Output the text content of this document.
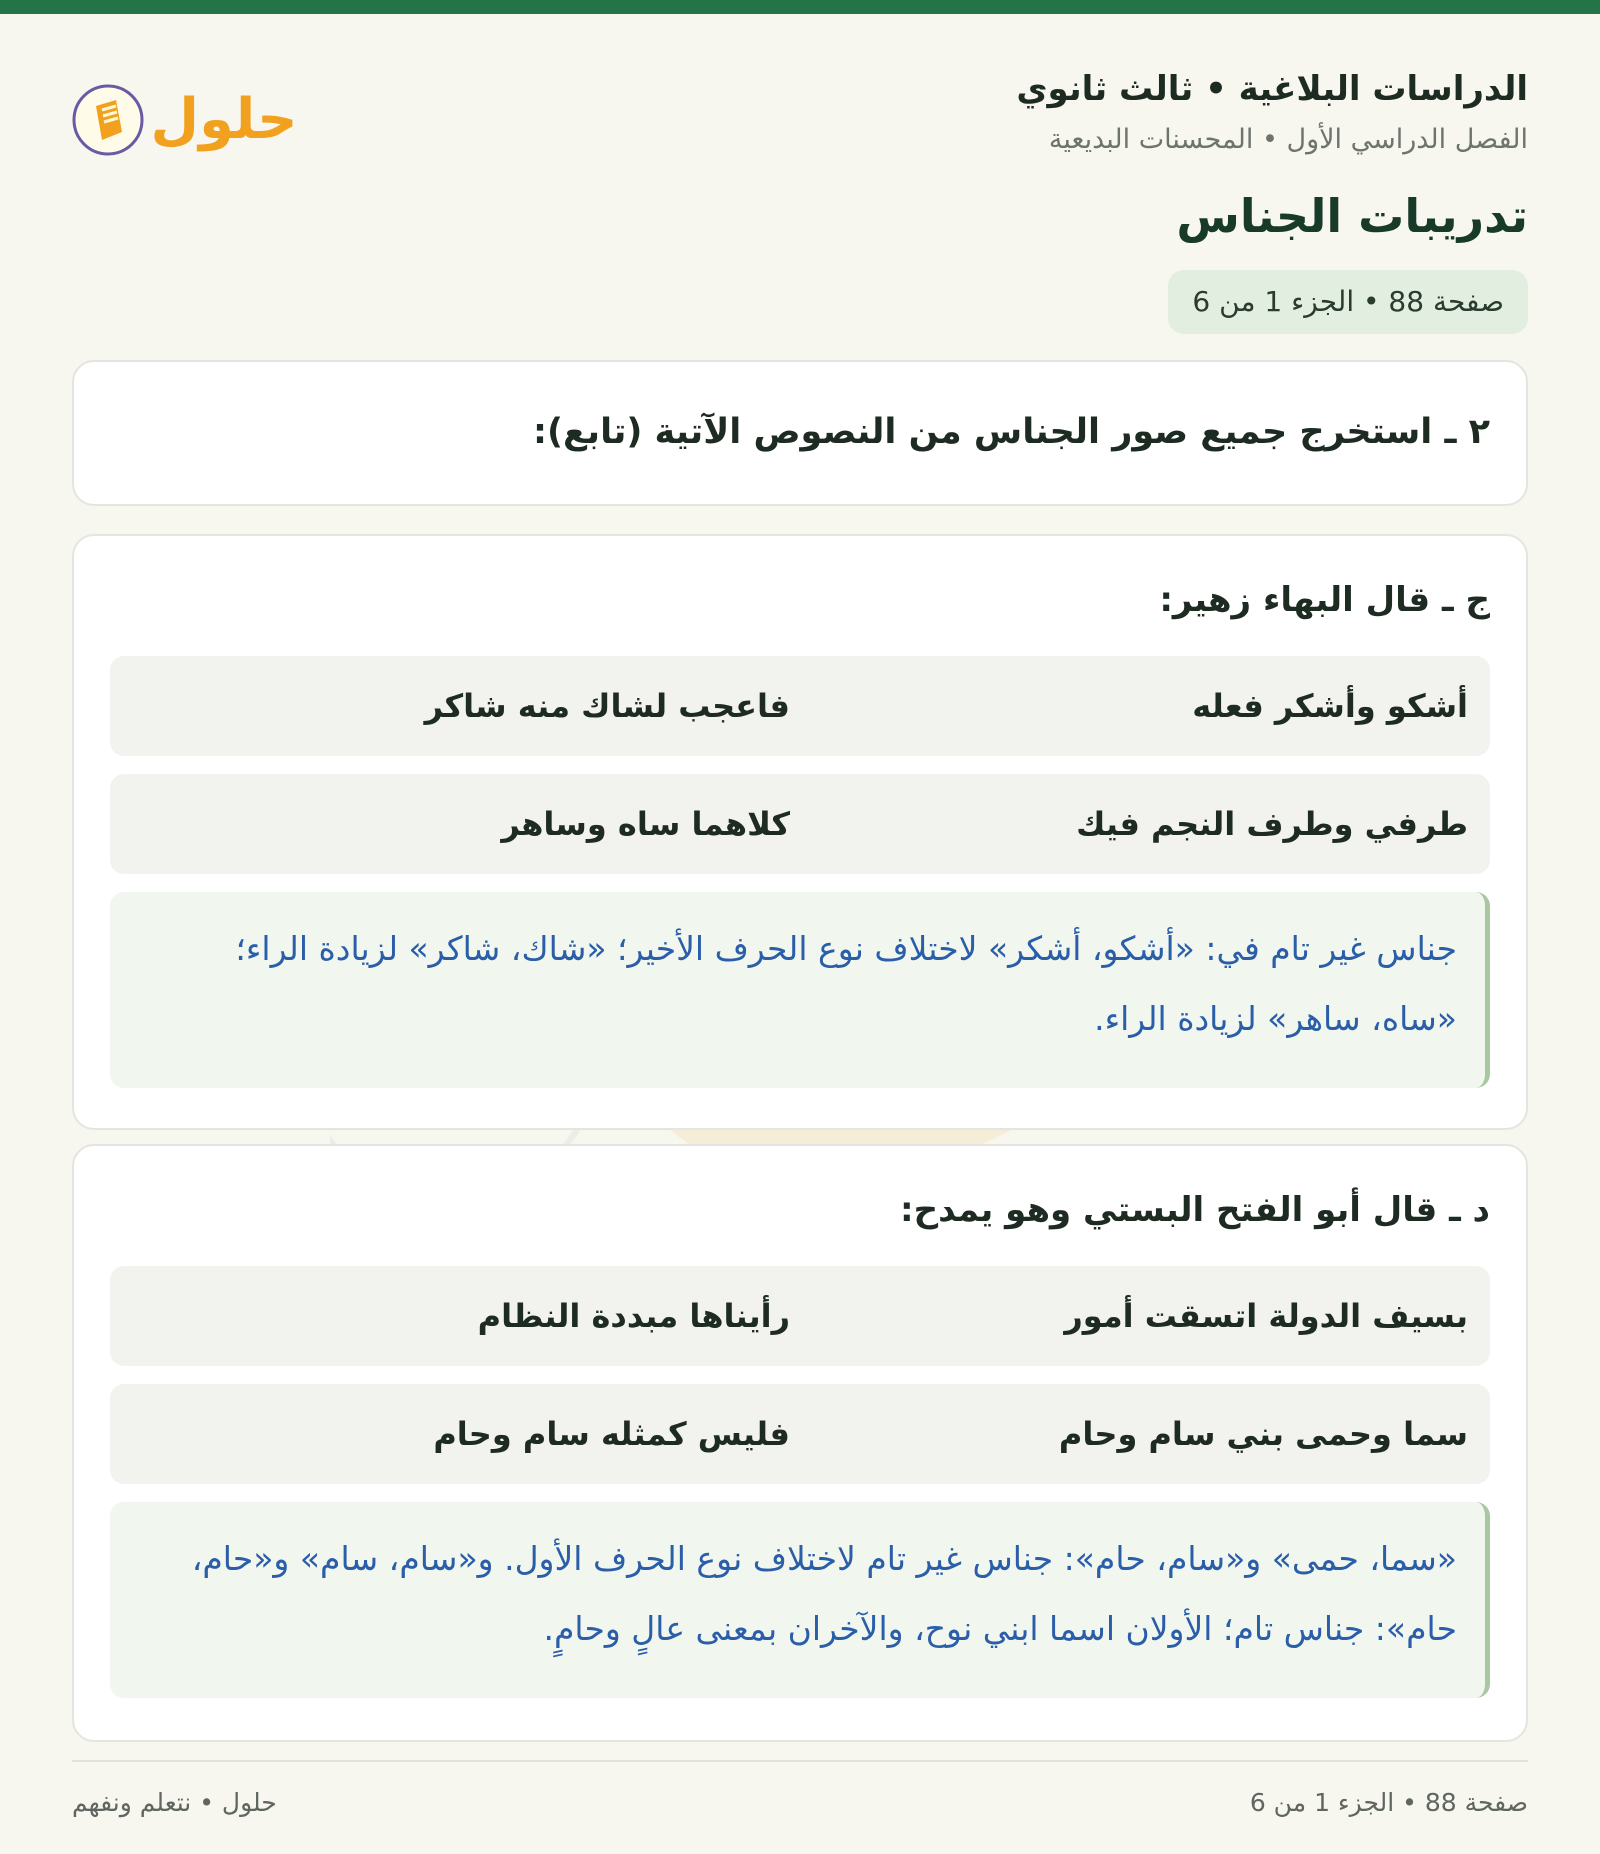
الدراسات البلاغية • ثالث ثانوي
الفصل الدراسي الأول • المحسنات البديعية
تدريبات الجناس
صفحة 88 • الجزء 1 من 6
حلول
٢ ـ استخرج جميع صور الجناس من النصوص الآتية (تابع):
ج ـ قال البهاء زهير:
أشكو وأشكر فعله
فاعجب لشاك منه شاكر
طرفي وطرف النجم فيك
كلاهما ساه وساهر
جناس غير تام في: «أشكو، أشكر» لاختلاف نوع الحرف الأخير؛ «شاك، شاكر» لزيادة الراء؛ «ساه، ساهر» لزيادة الراء.
د ـ قال أبو الفتح البستي وهو يمدح:
بسيف الدولة اتسقت أمور
رأيناها مبددة النظام
سما وحمى بني سام وحام
فليس كمثله سام وحام
«سما، حمى» و«سام، حام»: جناس غير تام لاختلاف نوع الحرف الأول. و«سام، سام» و«حام، حام»: جناس تام؛ الأولان اسما ابني نوح، والآخران بمعنى عالٍ وحامٍ.
صفحة 88 • الجزء 1 من 6
حلول • نتعلم ونفهم
